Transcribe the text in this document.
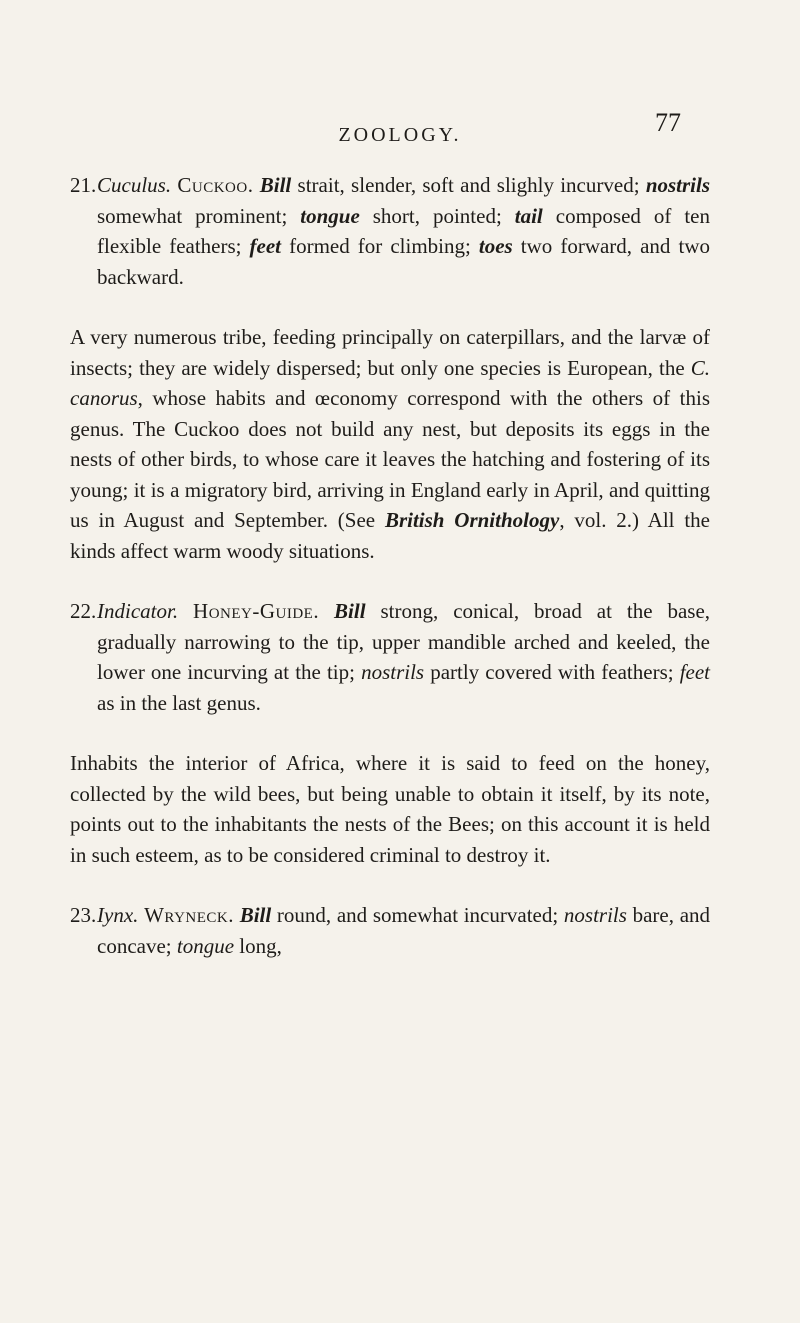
ZOOLOGY.	77

21.Cuculus. Cuckoo. Bill strait, slender, soft and slighly incurved; nostrils somewhat prominent; tongue short, pointed; tail composed of ten flexible feathers; feet formed for climbing; toes two forward, and two backward.

A very numerous tribe, feeding principally on caterpillars, and the larvæ of insects; they are widely dispersed; but only one species is European, the C. canorus, whose habits and œconomy correspond with the others of this genus. The Cuckoo does not build any nest, but deposits its eggs in the nests of other birds, to whose care it leaves the hatching and fostering of its young; it is a migratory bird, arriving in England early in April, and quitting us in August and September. (See British Ornithology, vol. 2.) All the kinds affect warm woody situations.

22.Indicator. Honey-Guide. Bill strong, conical, broad at the base, gradually narrowing to the tip, upper mandible arched and keeled, the lower one incurving at the tip; nostrils partly covered with feathers; feet as in the last genus.

Inhabits the interior of Africa, where it is said to feed on the honey, collected by the wild bees, but being unable to obtain it itself, by its note, points out to the inhabitants the nests of the Bees; on this account it is held in such esteem, as to be considered criminal to destroy it.

23.Iynx. Wryneck. Bill round, and somewhat incurvated; nostrils bare, and concave; tongue long,
